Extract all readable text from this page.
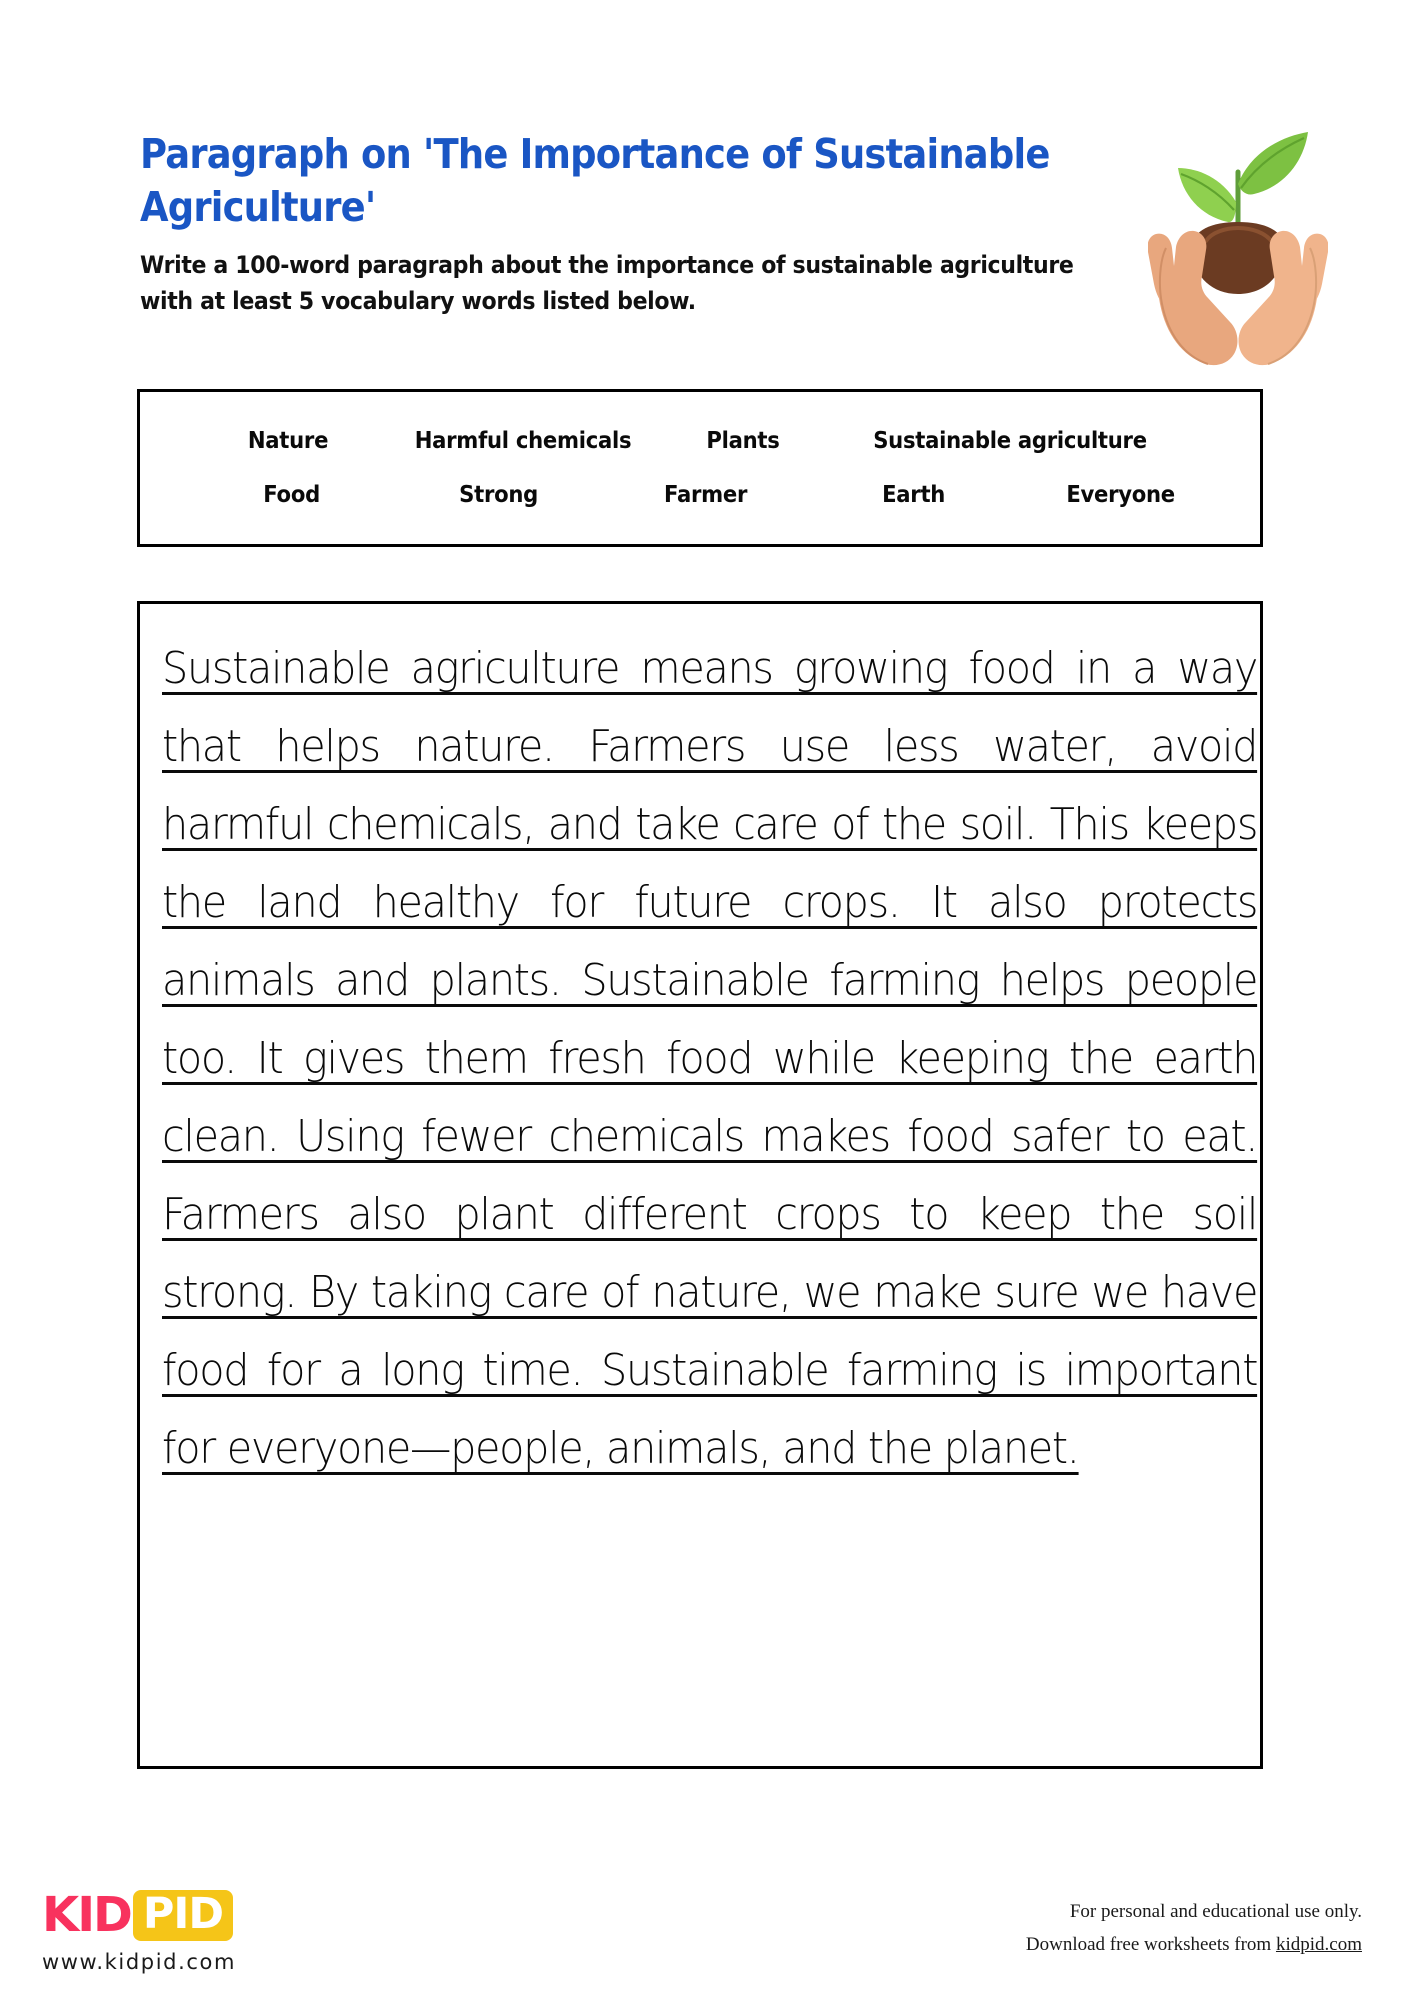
Paragraph on 'The Importance of Sustainable Agriculture'

Write a 100-word paragraph about the importance of sustainable agriculture with at least 5 vocabulary words listed below.

Nature	Harmful chemicals	Plants	Sustainable agriculture
Food	Strong	Farmer	Earth	Everyone

Sustainable agriculture means growing food in a way that helps nature. Farmers use less water, avoid harmful chemicals, and take care of the soil. This keeps the land healthy for future crops. It also protects animals and plants. Sustainable farming helps people too. It gives them fresh food while keeping the earth clean. Using fewer chemicals makes food safer to eat. Farmers also plant different crops to keep the soil strong. By taking care of nature, we make sure we have food for a long time. Sustainable farming is important for everyone—people, animals, and the planet.

KID PID
www.kidpid.com
For personal and educational use only.
Download free worksheets from kidpid.com
